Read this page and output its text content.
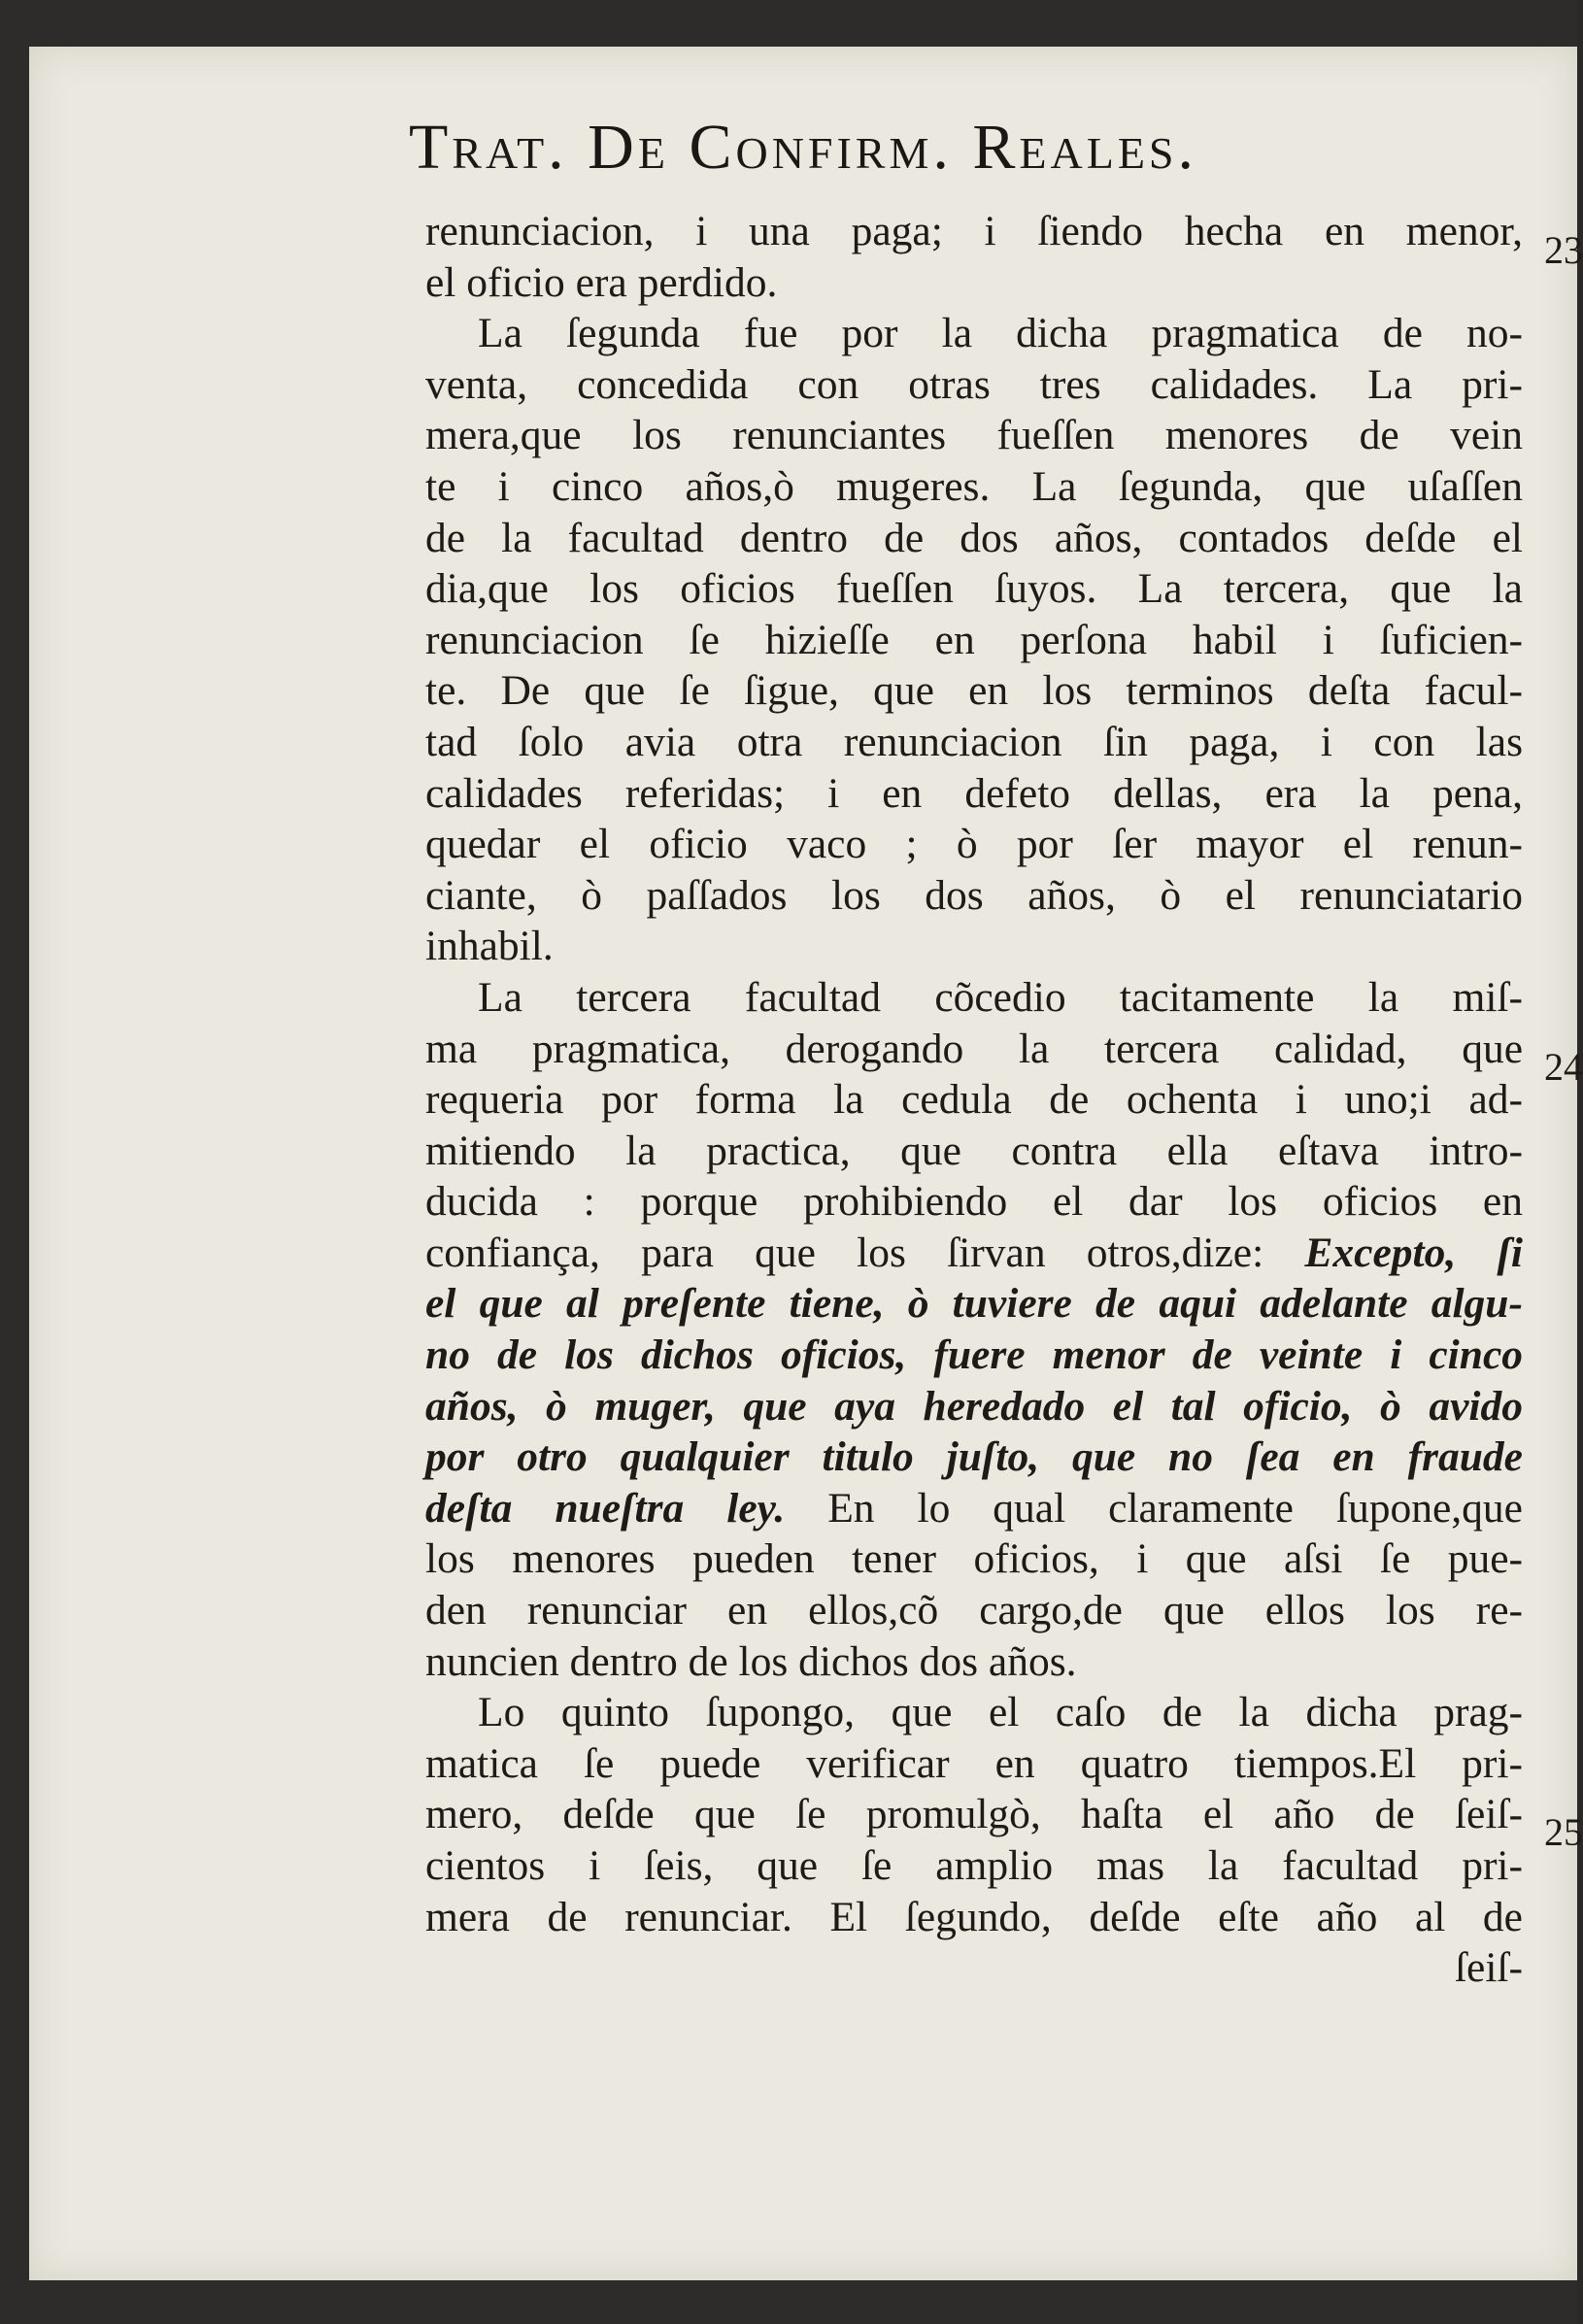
Trat. De Confirm. Reales.
renunciacion, i una paga; i ſiendo hecha en menor,
el oficio era perdido.
La ſegunda fue por la dicha pragmatica de no-
venta, concedida con otras tres calidades. La pri-
mera,que los renunciantes fueſſen menores de vein
te i cinco años,ò mugeres. La ſegunda, que uſaſſen
de la facultad dentro de dos años, contados deſde el
dia,que los oficios fueſſen ſuyos. La tercera, que la
renunciacion ſe hizieſſe en perſona habil i ſuficien-
te. De que ſe ſigue, que en los terminos deſta facul-
tad ſolo avia otra renunciacion ſin paga, i con las
calidades referidas; i en defeto dellas, era la pena,
quedar el oficio vaco ; ò por ſer mayor el renun-
ciante, ò paſſados los dos años, ò el renunciatario
inhabil.
La tercera facultad cõcedio tacitamente la miſ-
ma pragmatica, derogando la tercera calidad, que
requeria por forma la cedula de ochenta i uno;i ad-
mitiendo la practica, que contra ella eſtava intro-
ducida : porque prohibiendo el dar los oficios en
confiança, para que los ſirvan otros,dize: Excepto, ſi
el que al preſente tiene, ò tuviere de aqui adelante algu-
no de los dichos oficios, fuere menor de veinte i cinco
años, ò muger, que aya heredado el tal oficio, ò avido
por otro qualquier titulo juſto, que no ſea en fraude
deſta nueſtra ley. En lo qual claramente ſupone,que
los menores pueden tener oficios, i que aſsi ſe pue-
den renunciar en ellos,cõ cargo,de que ellos los re-
nuncien dentro de los dichos dos años.
Lo quinto ſupongo, que el caſo de la dicha prag-
matica ſe puede verificar en quatro tiempos.El pri-
mero, deſde que ſe promulgò, haſta el año de ſeiſ-
cientos i ſeis, que ſe amplio mas la facultad pri-
mera de renunciar. El ſegundo, deſde eſte año al de
ſeiſ-
23
24
25
